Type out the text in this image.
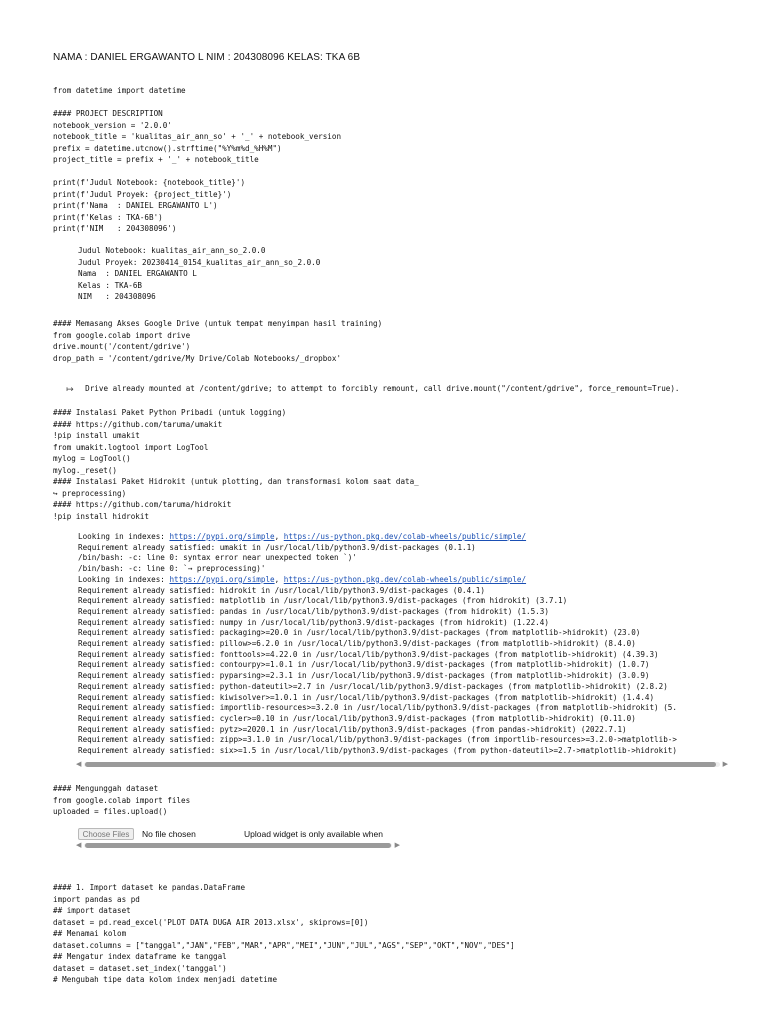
NAMA : DANIEL ERGAWANTO L NIM : 204308096 KELAS: TKA 6B
from datetime import datetime

#### PROJECT DESCRIPTION
notebook_version = '2.0.0'
notebook_title = 'kualitas_air_ann_so' + '_' + notebook_version
prefix = datetime.utcnow().strftime("%Y%m%d_%H%M")
project_title = prefix + '_' + notebook_title

print(f'Judul Notebook: {notebook_title}')
print(f'Judul Proyek: {project_title}')
print(f'Nama  : DANIEL ERGAWANTO L')
print(f'Kelas : TKA-6B')
print(f'NIM   : 204308096')
Judul Notebook: kualitas_air_ann_so_2.0.0
Judul Proyek: 20230414_0154_kualitas_air_ann_so_2.0.0
Nama  : DANIEL ERGAWANTO L
Kelas : TKA-6B
NIM   : 204308096
#### Memasang Akses Google Drive (untuk tempat menyimpan hasil training)
from google.colab import drive
drive.mount('/content/gdrive')
drop_path = '/content/gdrive/My Drive/Colab Notebooks/_dropbox'

↦ Drive already mounted at /content/gdrive; to attempt to forcibly remount, call drive.mount("/content/gdrive", force_remount=True).

#### Instalasi Paket Python Pribadi (untuk logging)
#### https://github.com/taruma/umakit
!pip install umakit
from umakit.logtool import LogTool
mylog = LogTool()
mylog._reset()
#### Instalasi Paket Hidrokit (untuk plotting, dan transformasi kolom saat data_
↪ preprocessing)
#### https://github.com/taruma/hidrokit
!pip install hidrokit
Looking in indexes: https://pypi.org/simple, https://us-python.pkg.dev/colab-wheels/public/simple/
Requirement already satisfied: umakit in /usr/local/lib/python3.9/dist-packages (0.1.1)
/bin/bash: -c: line 0: syntax error near unexpected token `)'
/bin/bash: -c: line 0: `→ preprocessing)'
Looking in indexes: https://pypi.org/simple, https://us-python.pkg.dev/colab-wheels/public/simple/
Requirement already satisfied: hidrokit in /usr/local/lib/python3.9/dist-packages (0.4.1)
Requirement already satisfied: matplotlib in /usr/local/lib/python3.9/dist-packages (from hidrokit) (3.7.1)
Requirement already satisfied: pandas in /usr/local/lib/python3.9/dist-packages (from hidrokit) (1.5.3)
Requirement already satisfied: numpy in /usr/local/lib/python3.9/dist-packages (from hidrokit) (1.22.4)
Requirement already satisfied: packaging>=20.0 in /usr/local/lib/python3.9/dist-packages (from matplotlib->hidrokit) (23.0)
Requirement already satisfied: pillow>=6.2.0 in /usr/local/lib/python3.9/dist-packages (from matplotlib->hidrokit) (8.4.0)
Requirement already satisfied: fonttools>=4.22.0 in /usr/local/lib/python3.9/dist-packages (from matplotlib->hidrokit) (4.39.3)
Requirement already satisfied: contourpy>=1.0.1 in /usr/local/lib/python3.9/dist-packages (from matplotlib->hidrokit) (1.0.7)
Requirement already satisfied: pyparsing>=2.3.1 in /usr/local/lib/python3.9/dist-packages (from matplotlib->hidrokit) (3.0.9)
Requirement already satisfied: python-dateutil>=2.7 in /usr/local/lib/python3.9/dist-packages (from matplotlib->hidrokit) (2.8.2)
Requirement already satisfied: kiwisolver>=1.0.1 in /usr/local/lib/python3.9/dist-packages (from matplotlib->hidrokit) (1.4.4)
Requirement already satisfied: importlib-resources>=3.2.0 in /usr/local/lib/python3.9/dist-packages (from matplotlib->hidrokit) (5.
Requirement already satisfied: cycler>=0.10 in /usr/local/lib/python3.9/dist-packages (from matplotlib->hidrokit) (0.11.0)
Requirement already satisfied: pytz>=2020.1 in /usr/local/lib/python3.9/dist-packages (from pandas->hidrokit) (2022.7.1)
Requirement already satisfied: zipp>=3.1.0 in /usr/local/lib/python3.9/dist-packages (from importlib-resources>=3.2.0->matplotlib->
Requirement already satisfied: six>=1.5 in /usr/local/lib/python3.9/dist-packages (from python-dateutil>=2.7->matplotlib->hidrokit)
◀	▶
#### Mengunggah dataset
from google.colab import files
uploaded = files.upload()
Choose Files	No file chosen	Upload widget is only available when
◀	▶
#### 1. Import dataset ke pandas.DataFrame
import pandas as pd
## import dataset
dataset = pd.read_excel('PLOT DATA DUGA AIR 2013.xlsx', skiprows=[0])
## Menamai kolom
dataset.columns = ["tanggal","JAN","FEB","MAR","APR","MEI","JUN","JUL","AGS","SEP","OKT","NOV","DES"]
## Mengatur index dataframe ke tanggal
dataset = dataset.set_index('tanggal')
# Mengubah tipe data kolom index menjadi datetime
